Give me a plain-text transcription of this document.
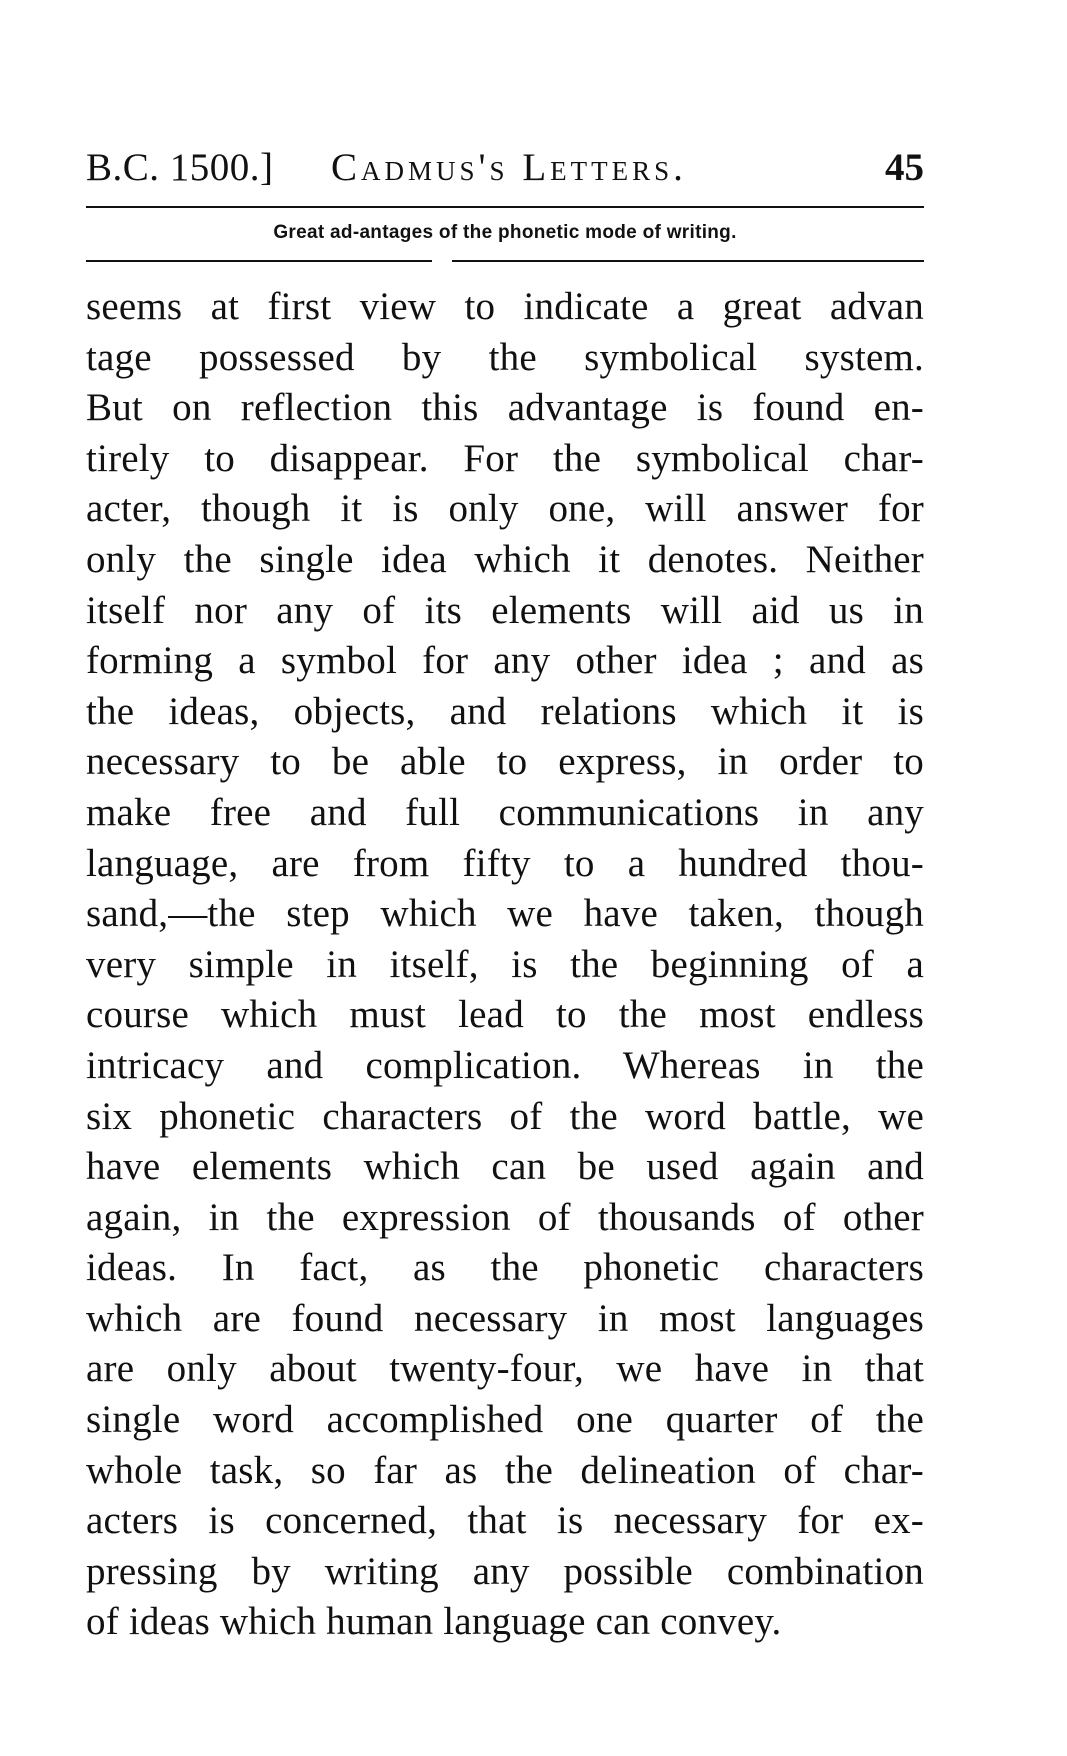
B.C. 1500.] Cadmus's Letters.	45
Great ad-antages of the phonetic mode of writing.
seems at first view to indicate a great advan
tage possessed by the symbolical system.
But on reflection this advantage is found en-
tirely to disappear. For the symbolical char-
acter, though it is only one, will answer for
only the single idea which it denotes. Neither
itself nor any of its elements will aid us in
forming a symbol for any other idea ; and as
the ideas, objects, and relations which it is
necessary to be able to express, in order to
make free and full communications in any
language, are from fifty to a hundred thou-
sand,—the step which we have taken, though
very simple in itself, is the beginning of a
course which must lead to the most endless
intricacy and complication. Whereas in the
six phonetic characters of the word battle, we
have elements which can be used again and
again, in the expression of thousands of other
ideas. In fact, as the phonetic characters
which are found necessary in most languages
are only about twenty-four, we have in that
single word accomplished one quarter of the
whole task, so far as the delineation of char-
acters is concerned, that is necessary for ex-
pressing by writing any possible combination
of ideas which human language can convey.
